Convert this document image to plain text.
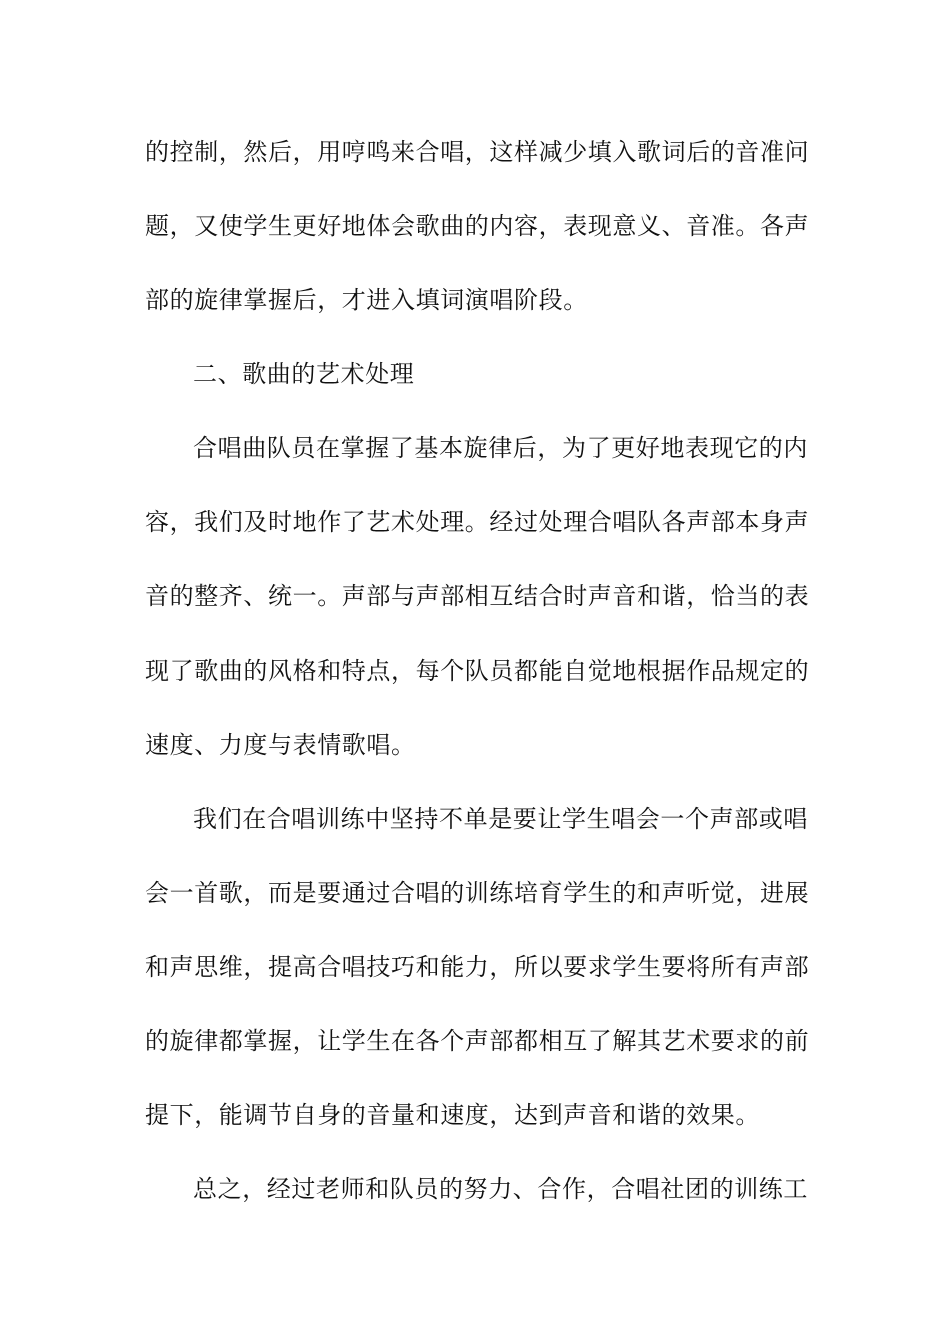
的控制，然后，用哼鸣来合唱，这样减少填入歌词后的音准问
题，又使学生更好地体会歌曲的内容，表现意义、音准。各声
部的旋律掌握后，才进入填词演唱阶段。
二、歌曲的艺术处理
合唱曲队员在掌握了基本旋律后，为了更好地表现它的内
容，我们及时地作了艺术处理。经过处理合唱队各声部本身声
音的整齐、统一。声部与声部相互结合时声音和谐，恰当的表
现了歌曲的风格和特点，每个队员都能自觉地根据作品规定的
速度、力度与表情歌唱。
我们在合唱训练中坚持不单是要让学生唱会一个声部或唱
会一首歌，而是要通过合唱的训练培育学生的和声听觉，进展
和声思维，提高合唱技巧和能力，所以要求学生要将所有声部
的旋律都掌握，让学生在各个声部都相互了解其艺术要求的前
提下，能调节自身的音量和速度，达到声音和谐的效果。
总之，经过老师和队员的努力、合作，合唱社团的训练工
